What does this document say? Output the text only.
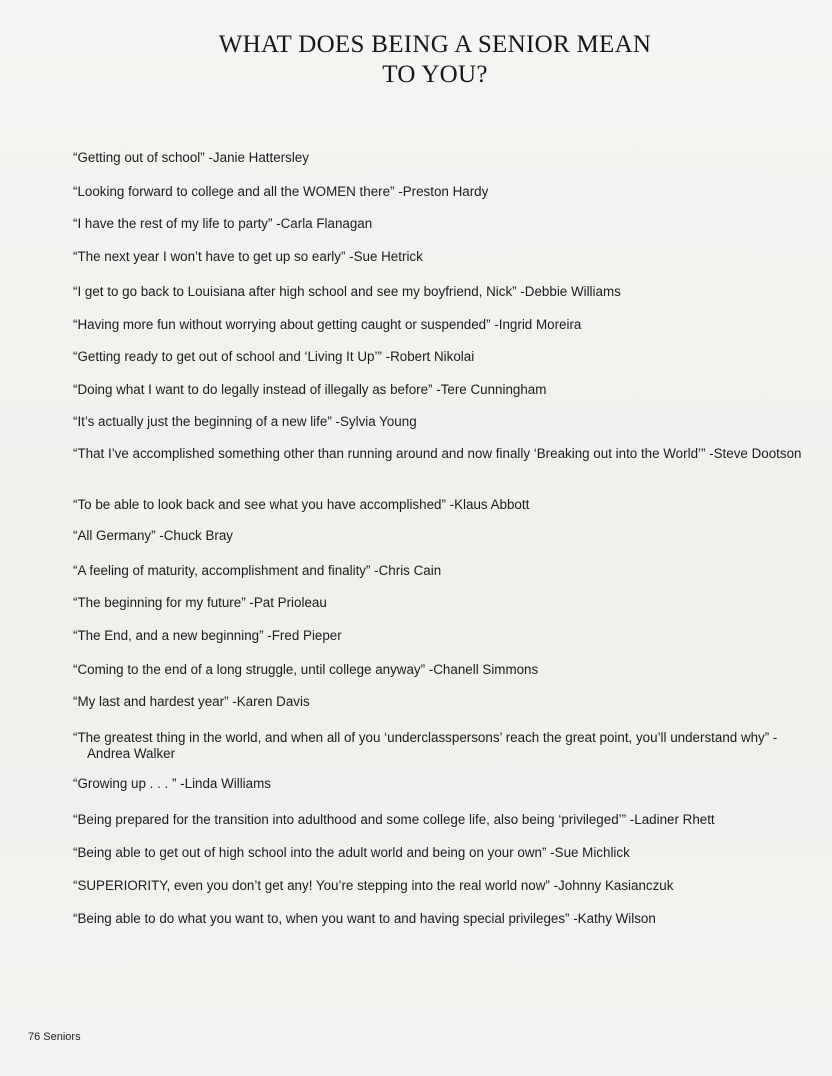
WHAT DOES BEING A SENIOR MEAN
TO YOU?

“Getting out of school” -Janie Hattersley

“Looking forward to college and all the WOMEN there” -Preston Hardy

“I have the rest of my life to party” -Carla Flanagan

“The next year I won’t have to get up so early” -Sue Hetrick

“I get to go back to Louisiana after high school and see my boyfriend, Nick” -Debbie Williams

“Having more fun without worrying about getting caught or suspended” -Ingrid Moreira

“Getting ready to get out of school and ‘Living It Up’” -Robert Nikolai

“Doing what I want to do legally instead of illegally as before” -Tere Cunningham

“It’s actually just the beginning of a new life” -Sylvia Young

“That I’ve accomplished something other than running around and now finally ‘Breaking out into the World’” -Steve Dootson

“To be able to look back and see what you have accomplished” -Klaus Abbott

“All Germany” -Chuck Bray

“A feeling of maturity, accomplishment and finality” -Chris Cain

“The beginning for my future” -Pat Prioleau

“The End, and a new beginning” -Fred Pieper

“Coming to the end of a long struggle, until college anyway” -Chanell Simmons

“My last and hardest year” -Karen Davis

“The greatest thing in the world, and when all of you ‘underclasspersons’ reach the great point, you’ll understand why” -Andrea Walker

“Growing up . . . ” -Linda Williams

“Being prepared for the transition into adulthood and some college life, also being ‘privileged’” -Ladiner Rhett

“Being able to get out of high school into the adult world and being on your own” -Sue Michlick

“SUPERIORITY, even you don’t get any! You’re stepping into the real world now” -Johnny Kasianczuk

“Being able to do what you want to, when you want to and having special privileges” -Kathy Wilson

76 Seniors
